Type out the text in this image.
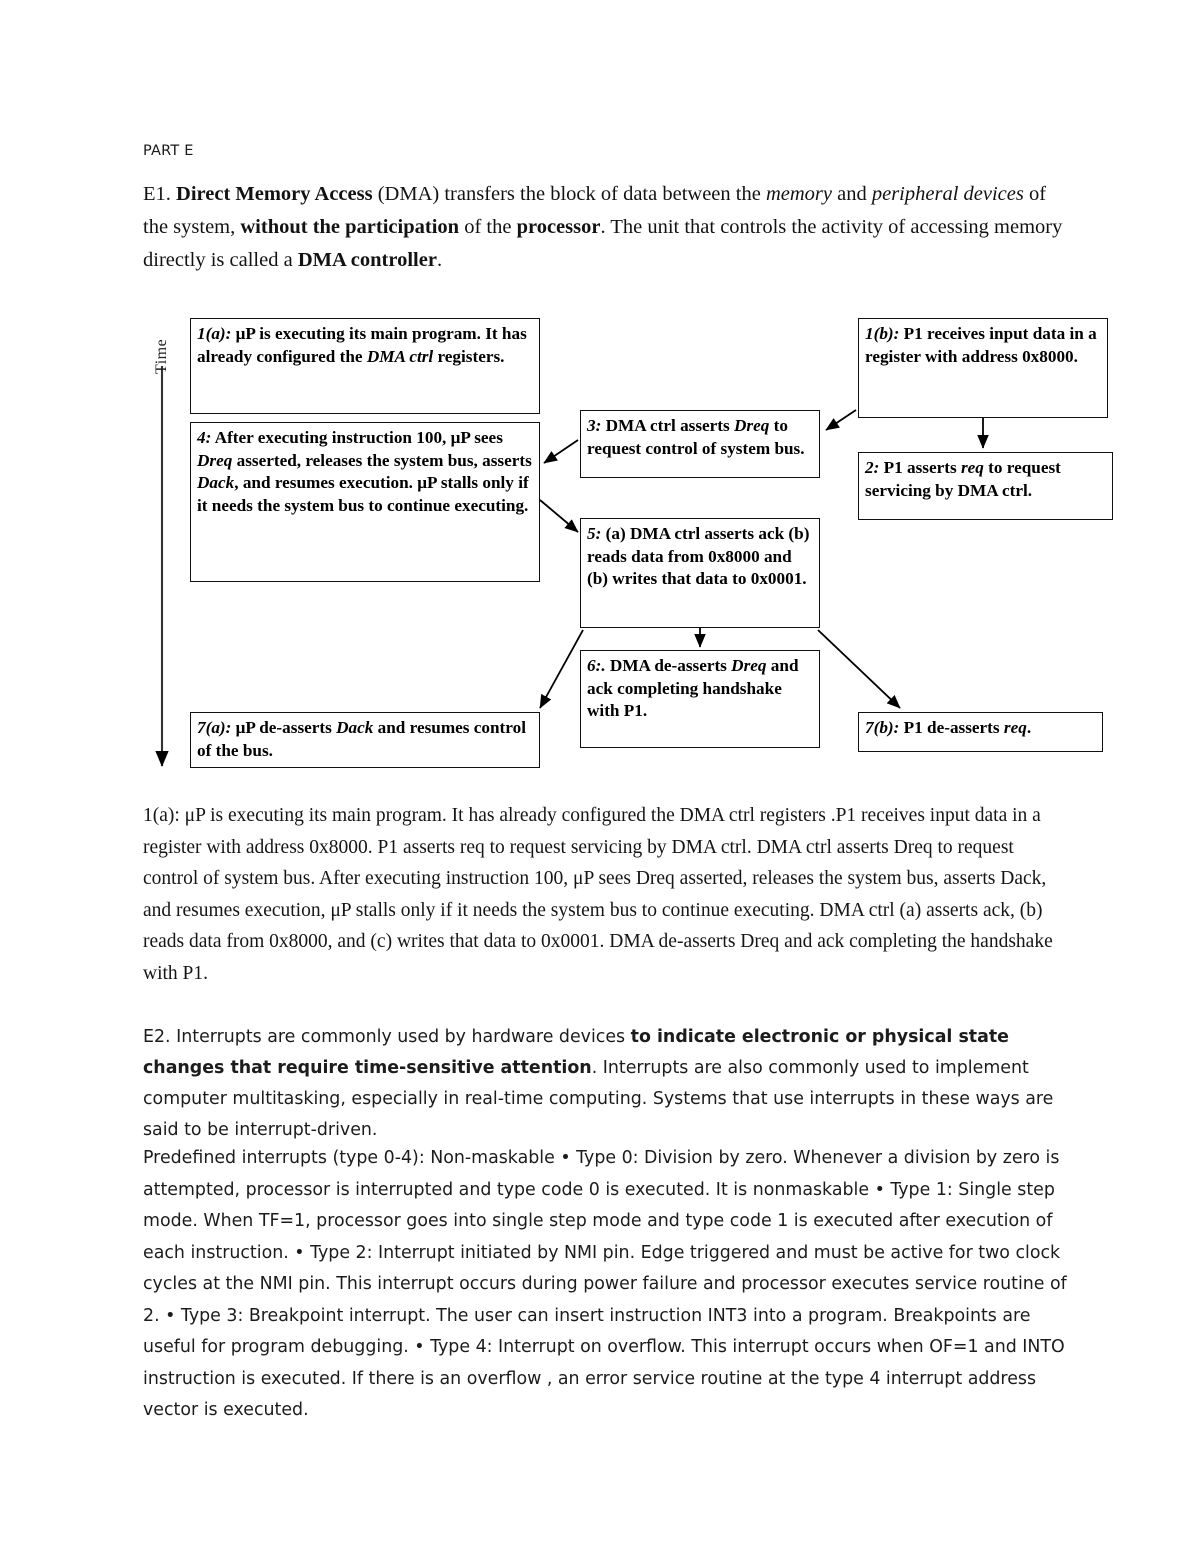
PART E
E1. Direct Memory Access (DMA) transfers the block of data between the memory and peripheral devices of the system, without the participation of the processor. The unit that controls the activity of accessing memory directly is called a DMA controller.
Time
1(a): μP is executing its main program. It has already configured the DMA ctrl registers.
4: After executing instruction 100, μP sees Dreq asserted, releases the system bus, asserts Dack, and resumes execution. μP stalls only if it needs the system bus to continue executing.
7(a): μP de-asserts Dack and resumes control of the bus.
3: DMA ctrl asserts Dreq to request control of system bus.
5: (a) DMA ctrl asserts ack (b) reads data from 0x8000 and (b) writes that data to 0x0001.
6:. DMA de-asserts Dreq and ack completing handshake with P1.
1(b): P1 receives input data in a register with address 0x8000.
2: P1 asserts req to request servicing by DMA ctrl.
7(b): P1 de-asserts req.
1(a): μP is executing its main program. It has already configured the DMA ctrl registers .P1 receives input data in a register with address 0x8000. P1 asserts req to request servicing by DMA ctrl. DMA ctrl asserts Dreq to request control of system bus. After executing instruction 100, μP sees Dreq asserted, releases the system bus, asserts Dack, and resumes execution, μP stalls only if it needs the system bus to continue executing. DMA ctrl (a) asserts ack, (b) reads data from 0x8000, and (c) writes that data to 0x0001. DMA de-asserts Dreq and ack completing the handshake with P1.
E2. Interrupts are commonly used by hardware devices to indicate electronic or physical state changes that require time-sensitive attention. Interrupts are also commonly used to implement computer multitasking, especially in real-time computing. Systems that use interrupts in these ways are said to be interrupt-driven.
Predefined interrupts (type 0-4): Non-maskable • Type 0: Division by zero. Whenever a division by zero is attempted, processor is interrupted and type code 0 is executed. It is nonmaskable • Type 1: Single step mode. When TF=1, processor goes into single step mode and type code 1 is executed after execution of each instruction. • Type 2: Interrupt initiated by NMI pin. Edge triggered and must be active for two clock cycles at the NMI pin. This interrupt occurs during power failure and processor executes service routine of 2. • Type 3: Breakpoint interrupt. The user can insert instruction INT3 into a program. Breakpoints are useful for program debugging. • Type 4: Interrupt on overflow. This interrupt occurs when OF=1 and INTO instruction is executed. If there is an overflow , an error service routine at the type 4 interrupt address vector is executed.
